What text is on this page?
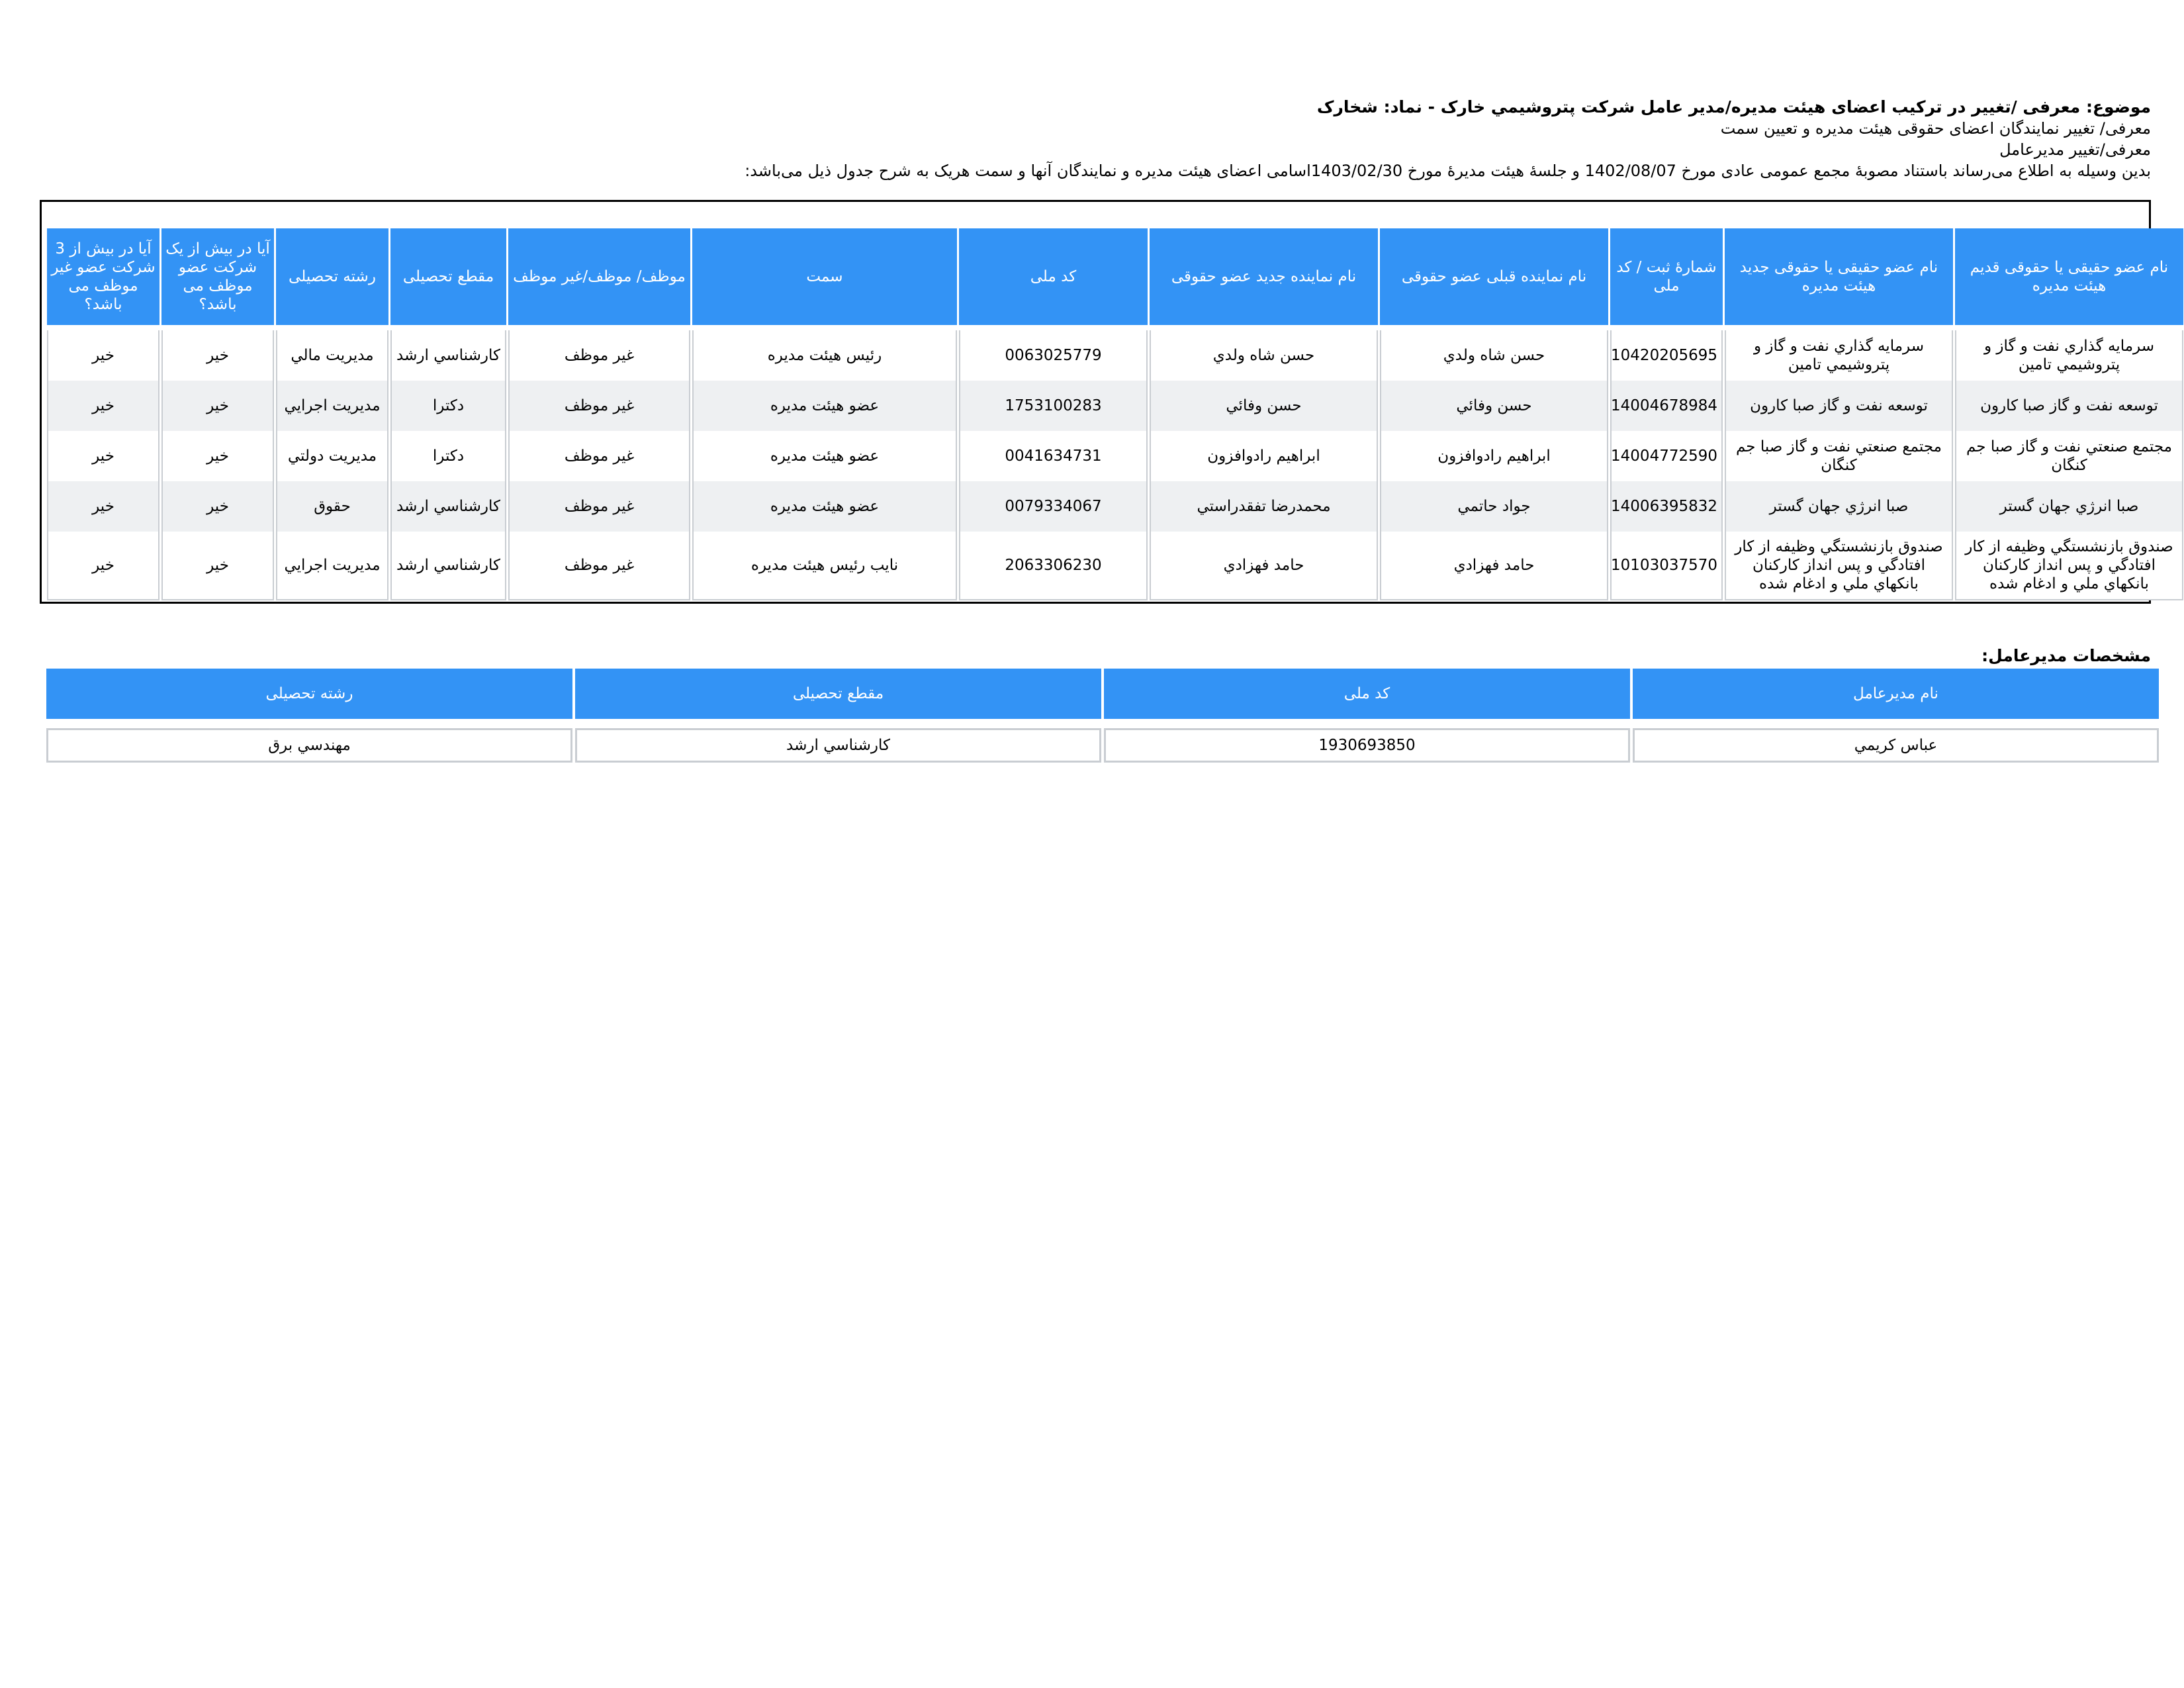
موضوع: معرفی /تغییر در ترکیب اعضای هیئت مدیره/مدیر عامل شرکت پتروشيمي خارک - نماد: شخارک
معرفی/ تغییر نمایندگان اعضای حقوقی هیئت مدیره و تعیین سمت
معرفی/تغییر مدیرعامل
بدین وسیله به اطلاع می‌رساند باستناد مصوبهٔ مجمع عمومی عادی مورخ 1402/08/07 و جلسهٔ هیئت مدیرهٔ مورخ 1403/02/30اسامی اعضای هیئت مدیره و نمایندگان آنها و سمت هریک به شرح جدول ذیل می‌باشد:
نام عضو حقیقی یا حقوقی قدیم هیئت مدیره	نام عضو حقیقی یا حقوقی جدید هیئت مدیره	شمارهٔ ثبت / کد ملی	نام نماینده قبلی عضو حقوقی	نام نماینده جدید عضو حقوقی	کد ملی	سمت	موظف/ موظف/غیر موظف	مقطع تحصیلی	رشته تحصیلی	آیا در بیش از یک شرکت عضو موظف می باشد؟	آیا در بیش از 3 شرکت عضو غیر موظف می باشد؟
سرمايه گذاري نفت و گاز و پتروشيمي تامين	سرمايه گذاري نفت و گاز و پتروشيمي تامين	10420205695	حسن شاه ولدي	حسن شاه ولدي	0063025779	رئيس هيئت مديره	غیر موظف	كارشناسي ارشد	مديريت مالي	خیر	خیر
توسعه نفت و گاز صبا كارون	توسعه نفت و گاز صبا كارون	14004678984	حسن وفائي	حسن وفائي	1753100283	عضو هيئت مديره	غیر موظف	دكترا	مديريت اجرايي	خیر	خیر
مجتمع صنعتي نفت و گاز صبا جم كنگان	مجتمع صنعتي نفت و گاز صبا جم كنگان	14004772590	ابراهيم رادوافزون	ابراهيم رادوافزون	0041634731	عضو هيئت مديره	غیر موظف	دكترا	مديريت دولتي	خیر	خیر
صبا انرژي جهان گستر	صبا انرژي جهان گستر	14006395832	جواد حاتمي	محمدرضا تفقدراستي	0079334067	عضو هيئت مديره	غیر موظف	كارشناسي ارشد	حقوق	خیر	خیر
صندوق بازنشستگي وظيفه از كار افتادگي و پس انداز كاركنان بانكهاي ملي و ادغام شده	صندوق بازنشستگي وظيفه از كار افتادگي و پس انداز كاركنان بانكهاي ملي و ادغام شده	10103037570	حامد فهزادي	حامد فهزادي	2063306230	نايب رئيس هيئت مديره	غیر موظف	كارشناسي ارشد	مديريت اجرايي	خیر	خیر
مشخصات مدیرعامل:
نام مدیرعامل	کد ملی	مقطع تحصیلی	رشته تحصیلی
عباس كريمي	1930693850	كارشناسي ارشد	مهندسي برق
